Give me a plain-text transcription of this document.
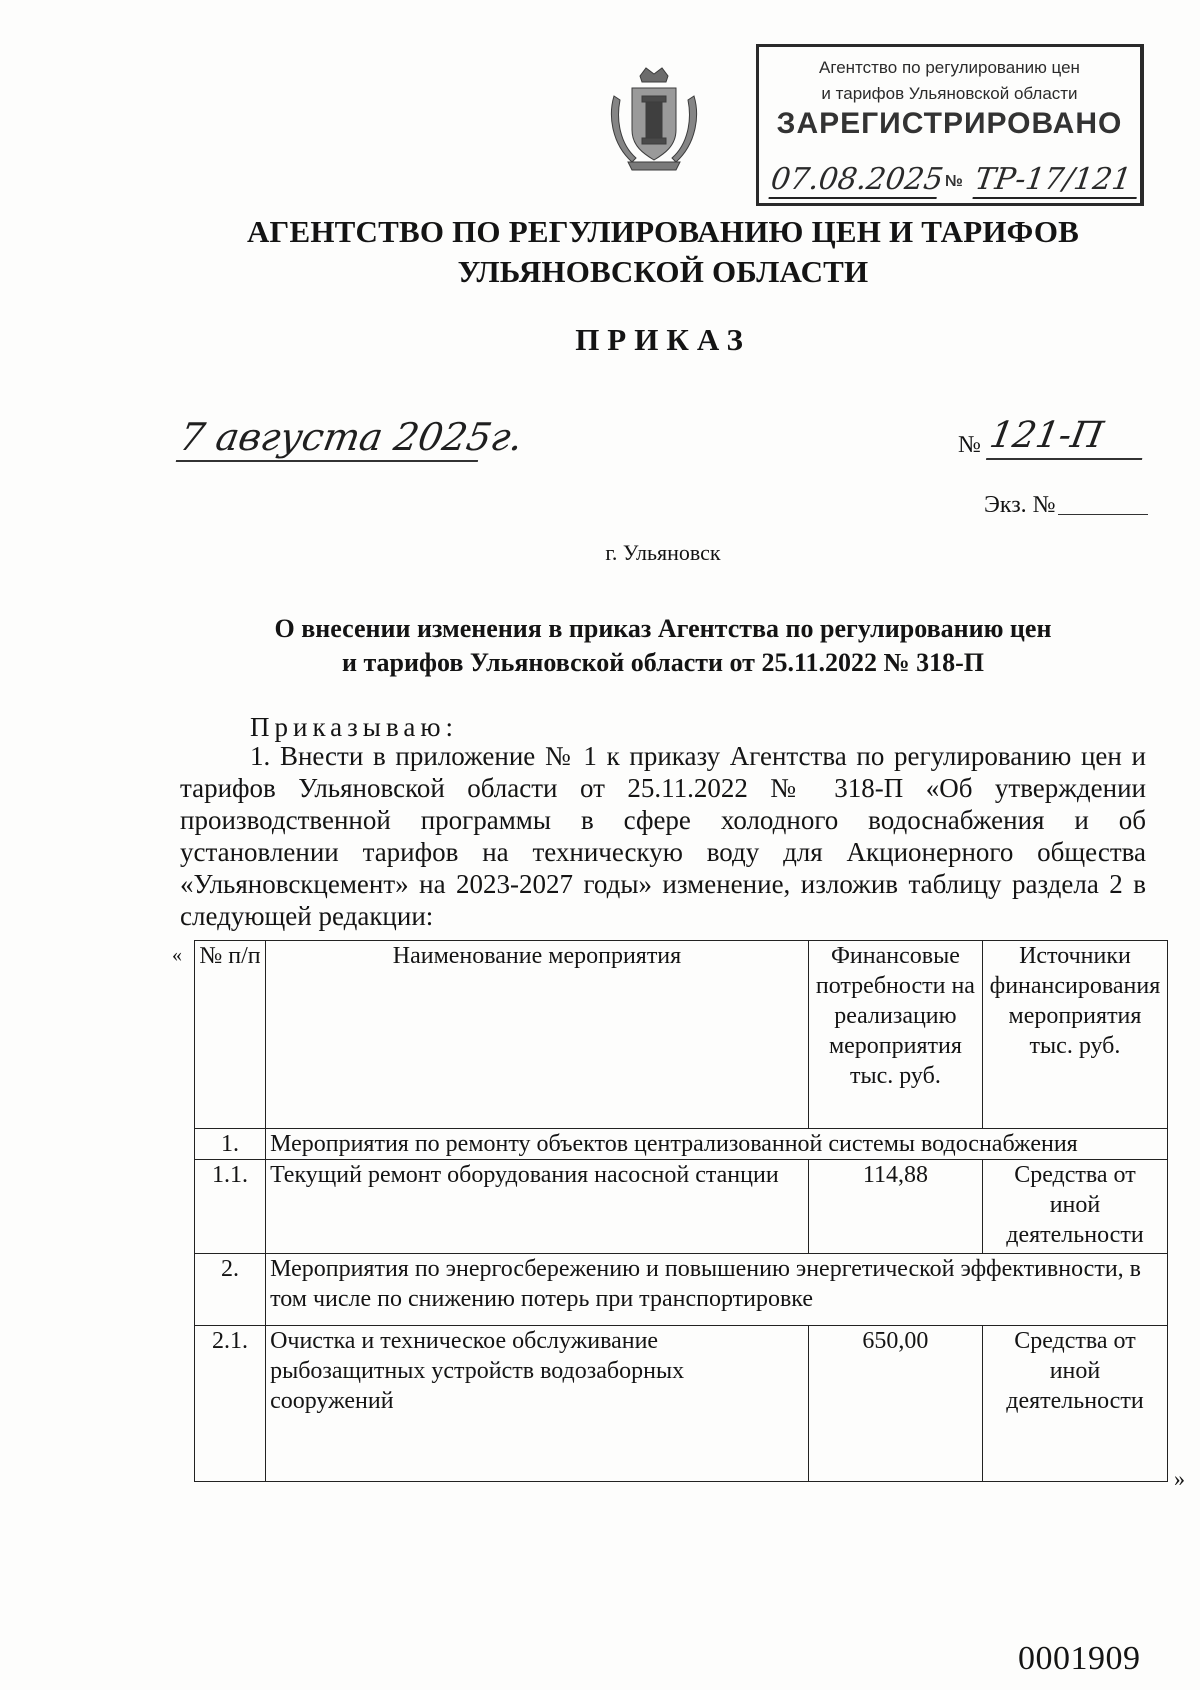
Агентство по регулированию цен
и тарифов Ульяновской области
ЗАРЕГИСТРИРОВАНО
07.08.2025 № ТР-17/121
АГЕНТСТВО ПО РЕГУЛИРОВАНИЮ ЦЕН И ТАРИФОВ
УЛЬЯНОВСКОЙ ОБЛАСТИ
ПРИКАЗ
7 августа 2025г.	№ 121-П
Экз. №
г. Ульяновск
О внесении изменения в приказ Агентства по регулированию цен
и тарифов Ульяновской области от 25.11.2022 № 318-П
Приказываю:
1. Внести в приложение № 1 к приказу Агентства по регулированию цен и тарифов Ульяновской области от 25.11.2022 № 318-П «Об утверждении производственной программы в сфере холодного водоснабжения и об установлении тарифов на техническую воду для Акционерного общества «Ульяновскцемент» на 2023-2027 годы» изменение, изложив таблицу раздела 2 в следующей редакции:
« № п/п	Наименование мероприятия	Финансовые потребности на реализацию мероприятия тыс. руб.	Источники финансирования мероприятия тыс. руб.
1.	Мероприятия по ремонту объектов централизованной системы водоснабжения		
1.1.	Текущий ремонт оборудования насосной станции	114,88	Средства от иной деятельности
2.	Мероприятия по энергосбережению и повышению энергетической эффективности, в том числе по снижению потерь при транспортировке		
2.1.	Очистка и техническое обслуживание рыбозащитных устройств водозаборных сооружений	650,00	Средства от иной деятельности
»
0001909
